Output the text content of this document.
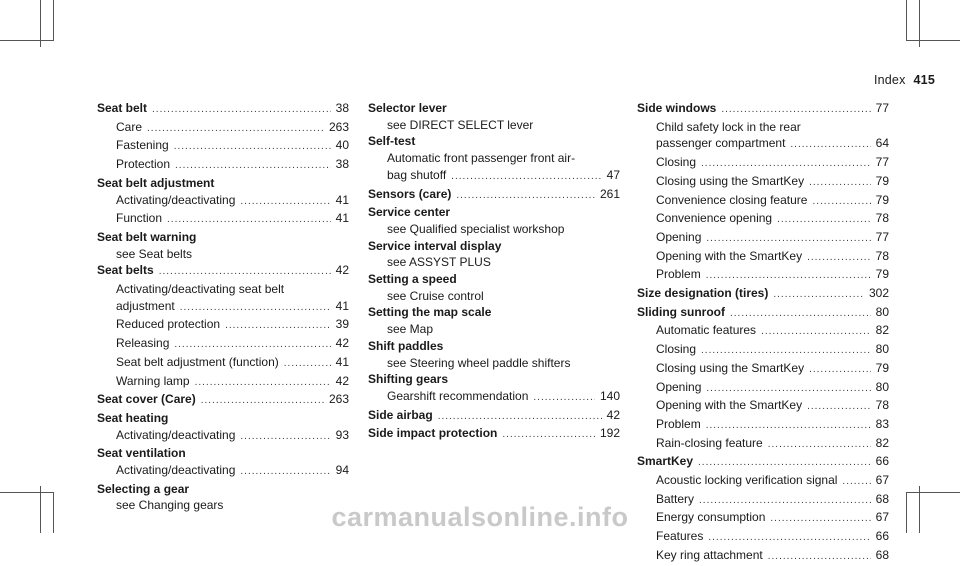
Index 415
Seat belt .....	38
Care .....	263
Fastening .....	40
Protection .....	38
Seat belt adjustment
Activating/deactivating .....	41
Function .....	41
Seat belt warning
see Seat belts
Seat belts .....	42
Activating/deactivating seat belt
adjustment .....	41
Reduced protection .....	39
Releasing .....	42
Seat belt adjustment (function) .....	41
Warning lamp .....	42
Seat cover (Care) .....	263
Seat heating
Activating/deactivating .....	93
Seat ventilation
Activating/deactivating .....	94
Selecting a gear
see Changing gears
Selector lever
see DIRECT SELECT lever
Self-test
Automatic front passenger front air-
bag shutoff .....	47
Sensors (care) .....	261
Service center
see Qualified specialist workshop
Service interval display
see ASSYST PLUS
Setting a speed
see Cruise control
Setting the map scale
see Map
Shift paddles
see Steering wheel paddle shifters
Shifting gears
Gearshift recommendation .....	140
Side airbag .....	42
Side impact protection .....	192
Side windows .....	77
Child safety lock in the rear
passenger compartment .....	64
Closing .....	77
Closing using the SmartKey .....	79
Convenience closing feature .....	79
Convenience opening .....	78
Opening .....	77
Opening with the SmartKey .....	78
Problem .....	79
Size designation (tires) .....	302
Sliding sunroof .....	80
Automatic features .....	82
Closing .....	80
Closing using the SmartKey .....	79
Opening .....	80
Opening with the SmartKey .....	78
Problem .....	83
Rain-closing feature .....	82
SmartKey .....	66
Acoustic locking verification signal .....	67
Battery .....	68
Energy consumption .....	67
Features .....	66
Key ring attachment .....	68
carmanualsonline.info
